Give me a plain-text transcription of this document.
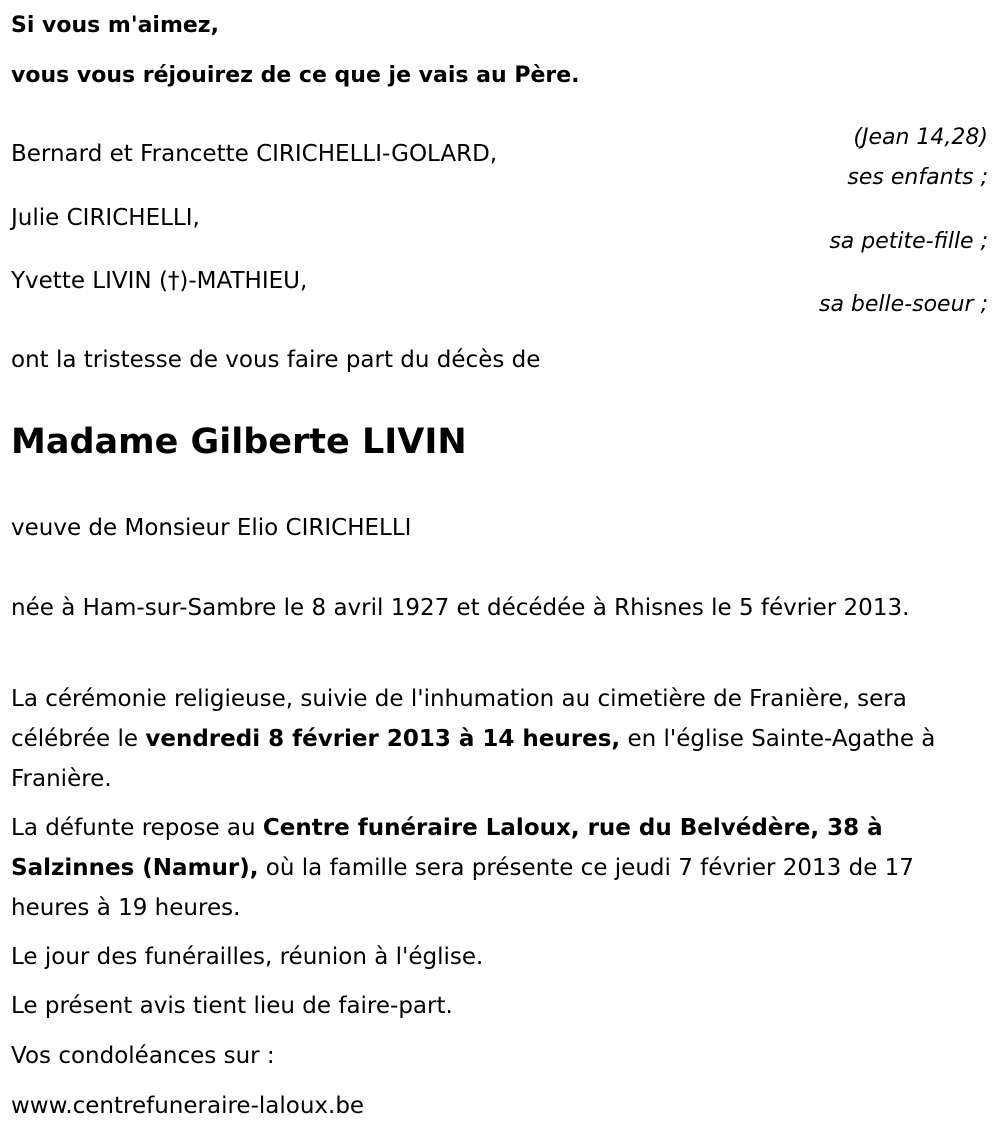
Si vous m'aimez,
vous vous réjouirez de ce que je vais au Père.
(Jean 14,28)
Bernard et Francette CIRICHELLI-GOLARD,
ses enfants ;
Julie CIRICHELLI,
sa petite-fille ;
Yvette LIVIN (†)-MATHIEU,
sa belle-soeur ;
ont la tristesse de vous faire part du décès de
Madame Gilberte LIVIN
veuve de Monsieur Elio CIRICHELLI
née à Ham-sur-Sambre le 8 avril 1927 et décédée à Rhisnes le 5 février 2013.
La cérémonie religieuse, suivie de l'inhumation au cimetière de Franière, sera célébrée le vendredi 8 février 2013 à 14 heures, en l'église Sainte-Agathe à Franière.
La défunte repose au Centre funéraire Laloux, rue du Belvédère, 38 à Salzinnes (Namur), où la famille sera présente ce jeudi 7 février 2013 de 17 heures à 19 heures.
Le jour des funérailles, réunion à l'église.
Le présent avis tient lieu de faire-part.
Vos condoléances sur :
www.centrefuneraire-laloux.be
